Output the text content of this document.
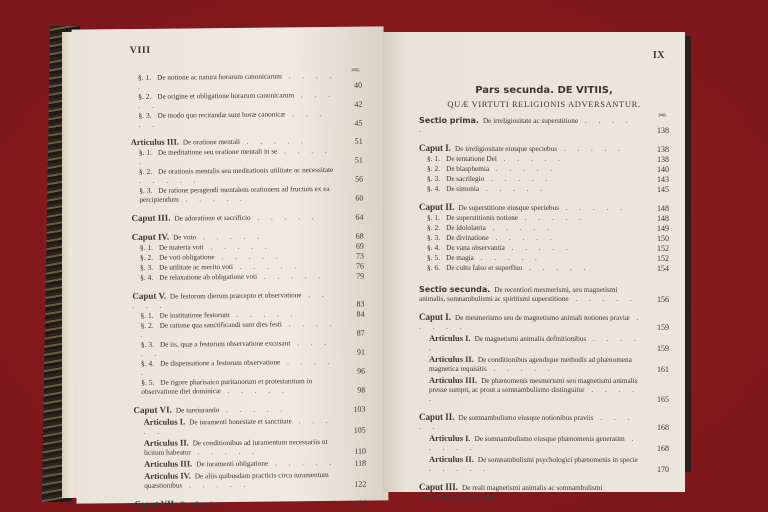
VIII
pag.
§. 1. De notione ac natura horarum canonicarum . . . . .	40
§. 2. De origine et obligatione horarum canonicarum . . . . .	42
§. 3. De modo quo recitandæ sunt horæ canonicæ . . . . .	45
Articulus III. De oratione mentali . . . . .	51
§. 1. De meditatione seu oratione mentali in se . . . . .	51
§. 2. De orationis mentalis seu meditationis utilitate ac necessitate . . . . .	56
§. 3. De ratione peragendi mentalem orationem ad fructum ex ea percipiendum . . . . .	60
Caput III. De adoratione et sacrificio . . . . .	64
Caput IV. De voto . . . . .	68
§. 1. De materia voti . . . . .	69
§. 2. De voti obligatione . . . . .	73
§. 3. De utilitate ac merito voti . . . . .	76
§. 4. De relaxatione ab obligatione voti . . . . .	79
Caput V. De festorum dierum præcepto et observatione . . . . .	83
§. 1. De institutione festorum . . . . .	84
§. 2. De ratione qua sanctificandi sunt dies festi . . . . .	87
§. 3. De iis, quæ a festorum observatione excusant . . . . .	91
§. 4. De dispensatione a festorum observatione . . . . .	96
§. 5. De rigore pharisaico puritanorum et protestantium in observatione diei dominicæ . . . . .	98
Caput VI. De iureiurando . . . . .	103
Articulus I. De iuramenti honestate et sanctitate . . . . .	105
Articulus II. De conditionibus ad iuramentum necessariis ut licitum habeatur . . . . .	110
Articulus III. De iuramenti obligatione . . . . .	118
Articulus IV. De aliis quibusdam practicis circa iuramentum quæstionibus . . . . .	122
Caput VII. De adiuratione . . . . .	127
IX
Pars secunda. DE VITIIS,
QUÆ VIRTUTI RELIGIONIS ADVERSANTUR.
pag.
Sectio prima. De irreligiositate ac superstitione . . . . .	138
Caput I. De irreligiositate eiusque speciebus . . . . .	138
§. 1. De tentatione Dei . . . . .	138
§. 2. De blasphemia . . . . .	140
§. 3. De sacrilegio . . . . .	143
§. 4. De simonia . . . . .	145
Caput II. De superstitione eiusque speciebus . . . . .	148
§. 1. De superstitionis notione . . . . .	148
§. 2. De idololatria . . . . .	149
§. 3. De divinatione . . . . .	150
§. 4. De vana observantia . . . . .	152
§. 5. De magia . . . . .	152
§. 6. De cultu falso et superfluo . . . . .	154
Sectio secunda. De recentiori mesmerismi, seu magnetismi animalis, somnambulismi ac spiritismi superstitione . . . . .	156
Caput I. De mesmerismo seu de magnetismo animali notiones praviæ . . . . .	159
Articulus I. De magnetismi animalis definitionibus . . . . .	159
Articulus II. De conditionibus agendique methodis ad phænomena magnetica requisitis . . . . .	161
Articulus III. De phænomenis mesmerismi seu magnetismi animalis presse sumpti, ac prout a somnambulismo distinguitur . . . . .	165
Caput II. De somnambulismo eiusque notionibus praviis . . . . .	168
Articulus I. De somnambulismo eiusque phænomenis generatim . . . . .	168
Articulus II. De somnambulismi psychologici phænomenis in specie . . . . .	170
Caput III. De reali magnetismi animalis ac somnambulismi phænomenorum existentia . . . . .	174
